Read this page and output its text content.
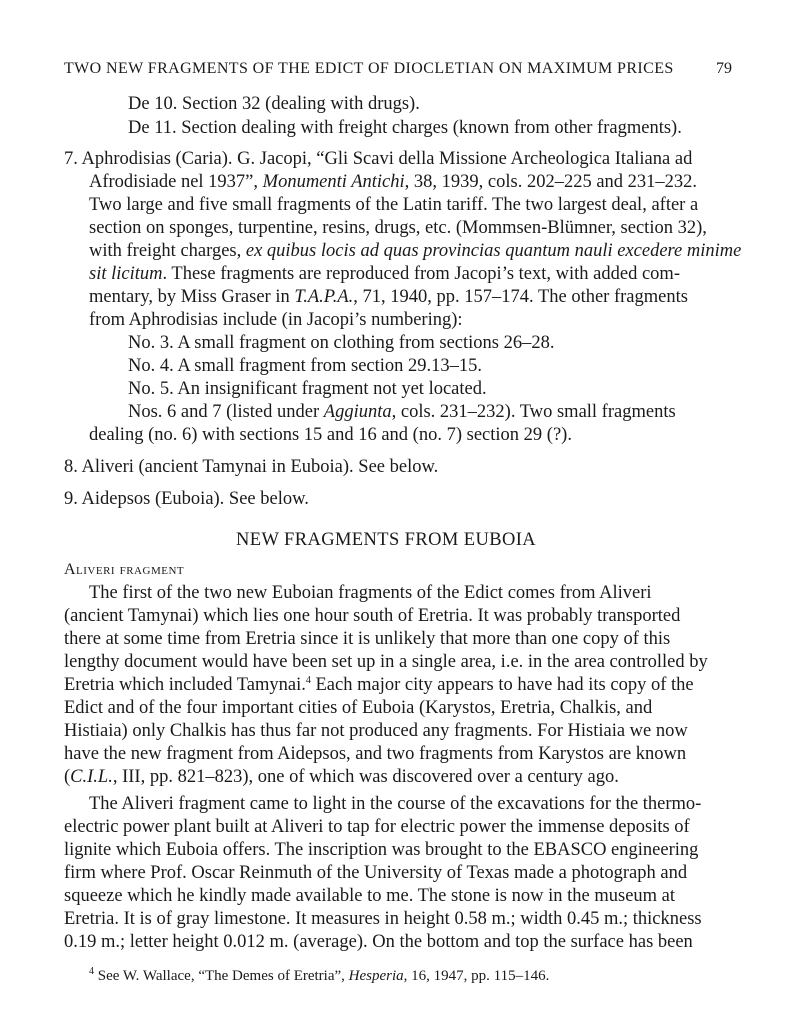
TWO NEW FRAGMENTS OF THE EDICT OF DIOCLETIAN ON MAXIMUM PRICES	79
De 10. Section 32 (dealing with drugs).
De 11. Section dealing with freight charges (known from other fragments).
7. Aphrodisias (Caria). G. Jacopi, “Gli Scavi della Missione Archeologica Italiana ad
Afrodisiade nel 1937”, Monumenti Antichi, 38, 1939, cols. 202–225 and 231–232.
Two large and five small fragments of the Latin tariff. The two largest deal, after a
section on sponges, turpentine, resins, drugs, etc. (Mommsen-Blümner, section 32),
with freight charges, ex quibus locis ad quas provincias quantum nauli excedere minime
sit licitum. These fragments are reproduced from Jacopi’s text, with added com-
mentary, by Miss Graser in T.A.P.A., 71, 1940, pp. 157–174. The other fragments
from Aphrodisias include (in Jacopi’s numbering):
No. 3. A small fragment on clothing from sections 26–28.
No. 4. A small fragment from section 29.13–15.
No. 5. An insignificant fragment not yet located.
Nos. 6 and 7 (listed under Aggiunta, cols. 231–232). Two small fragments
dealing (no. 6) with sections 15 and 16 and (no. 7) section 29 (?).
8. Aliveri (ancient Tamynai in Euboia). See below.
9. Aidepsos (Euboia). See below.
NEW FRAGMENTS FROM EUBOIA
Aliveri fragment
The first of the two new Euboian fragments of the Edict comes from Aliveri
(ancient Tamynai) which lies one hour south of Eretria. It was probably transported
there at some time from Eretria since it is unlikely that more than one copy of this
lengthy document would have been set up in a single area, i.e. in the area controlled by
Eretria which included Tamynai.$^4$ Each major city appears to have had its copy of the
Edict and of the four important cities of Euboia (Karystos, Eretria, Chalkis, and
Histiaia) only Chalkis has thus far not produced any fragments. For Histiaia we now
have the new fragment from Aidepsos, and two fragments from Karystos are known
(C.I.L., III, pp. 821–823), one of which was discovered over a century ago.
The Aliveri fragment came to light in the course of the excavations for the thermo-
electric power plant built at Aliveri to tap for electric power the immense deposits of
lignite which Euboia offers. The inscription was brought to the EBASCO engineering
firm where Prof. Oscar Reinmuth of the University of Texas made a photograph and
squeeze which he kindly made available to me. The stone is now in the museum at
Eretria. It is of gray limestone. It measures in height 0.58 m.; width 0.45 m.; thickness
0.19 m.; letter height 0.012 m. (average). On the bottom and top the surface has been
$^4$ See W. Wallace, “The Demes of Eretria”, Hesperia, 16, 1947, pp. 115–146.
